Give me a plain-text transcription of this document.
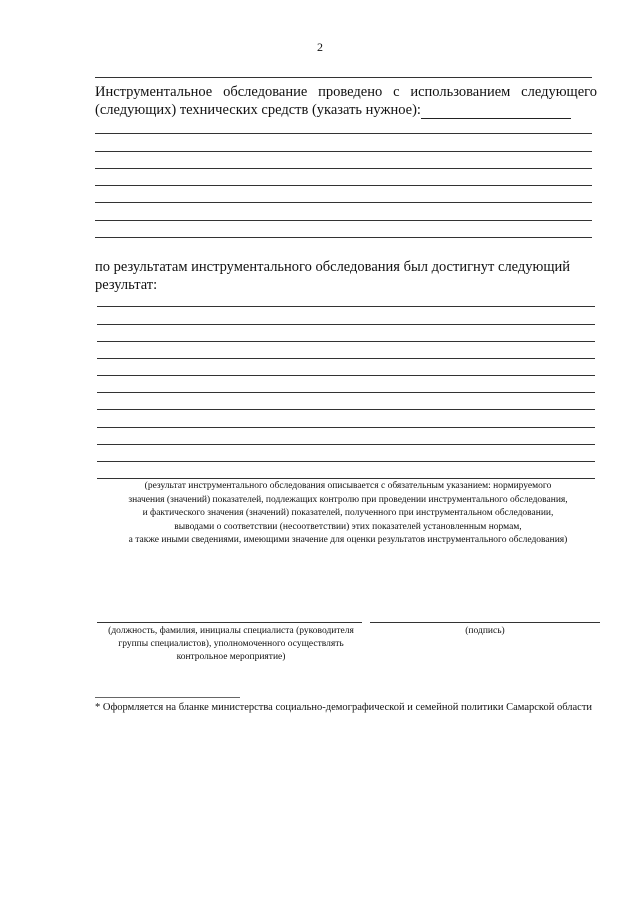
2
Инструментальное обследование проведено с использованием следующего (следующих) технических средств (указать нужное):
по результатам инструментального обследования был достигнут следующий результат:
(результат инструментального обследования описывается с обязательным указанием: нормируемого
значения (значений) показателей, подлежащих контролю при проведении инструментального обследования,
и фактического значения (значений) показателей, полученного при инструментальном обследовании,
выводами о соответствии (несоответствии) этих показателей установленным нормам,
а также иными сведениями, имеющими значение для оценки результатов инструментального обследования)
(должность, фамилия, инициалы специалиста (руководителя
группы специалистов), уполномоченного осуществлять
контрольное мероприятие)
(подпись)
* Оформляется на бланке министерства социально-демографической и семейной политики Самарской области
